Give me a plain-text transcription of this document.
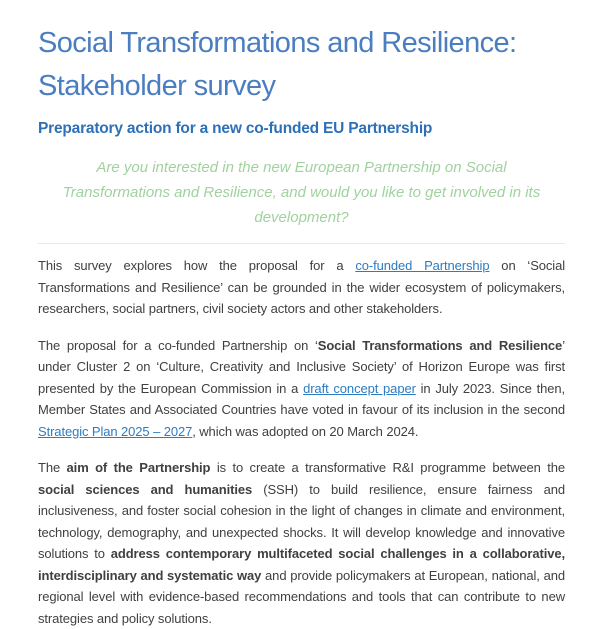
Social Transformations and Resilience:
Stakeholder survey
Preparatory action for a new co-funded EU Partnership

Are you interested in the new European Partnership on Social Transformations and Resilience, and would you like to get involved in its development?

This survey explores how the proposal for a co-funded Partnership on ‘Social Transformations and Resilience’ can be grounded in the wider ecosystem of policymakers, researchers, social partners, civil society actors and other stakeholders.

The proposal for a co-funded Partnership on ‘Social Transformations and Resilience’ under Cluster 2 on ‘Culture, Creativity and Inclusive Society’ of Horizon Europe was first presented by the European Commission in a draft concept paper in July 2023. Since then, Member States and Associated Countries have voted in favour of its inclusion in the second Strategic Plan 2025 – 2027, which was adopted on 20 March 2024.

The aim of the Partnership is to create a transformative R&I programme between the social sciences and humanities (SSH) to build resilience, ensure fairness and inclusiveness, and foster social cohesion in the light of changes in climate and environment, technology, demography, and unexpected shocks. It will develop knowledge and innovative solutions to address contemporary multifaceted social challenges in a collaborative, interdisciplinary and systematic way and provide policymakers at European, national, and regional level with evidence-based recommendations and tools that can contribute to new strategies and policy solutions.
